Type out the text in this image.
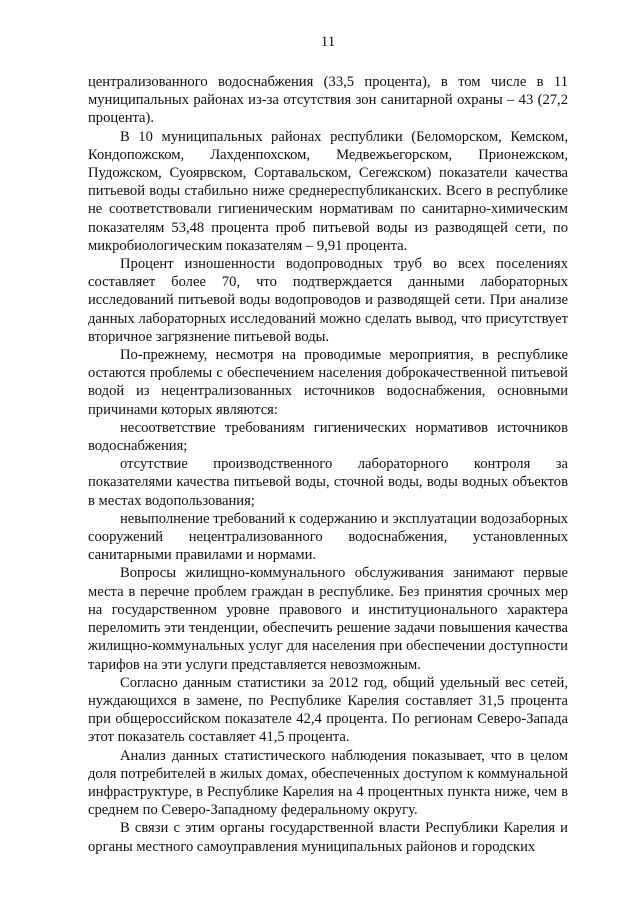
11

централизованного водоснабжения (33,5 процента), в том числе в 11 муниципальных районах из-за отсутствия зон санитарной охраны – 43 (27,2 процента).

В 10 муниципальных районах республики (Беломорском, Кемском, Кондопожском, Лахденпохском, Медвежьегорском, Прионежском, Пудожском, Суоярвском, Сортавальском, Сегежском) показатели качества питьевой воды стабильно ниже среднереспубликанских. Всего в республике не соответствовали гигиеническим нормативам по санитарно-химическим показателям 53,48 процента проб питьевой воды из разводящей сети, по микробиологическим показателям – 9,91 процента.

Процент изношенности водопроводных труб во всех поселениях составляет более 70, что подтверждается данными лабораторных исследований питьевой воды водопроводов и разводящей сети. При анализе данных лабораторных исследований можно сделать вывод, что присутствует вторичное загрязнение питьевой воды.

По-прежнему, несмотря на проводимые мероприятия, в республике остаются проблемы с обеспечением населения доброкачественной питьевой водой из нецентрализованных источников водоснабжения, основными причинами которых являются:

несоответствие требованиям гигиенических нормативов источников водоснабжения;

отсутствие производственного лабораторного контроля за показателями качества питьевой воды, сточной воды, воды водных объектов в местах водопользования;

невыполнение требований к содержанию и эксплуатации водозаборных сооружений нецентрализованного водоснабжения, установленных санитарными правилами и нормами.

Вопросы жилищно-коммунального обслуживания занимают первые места в перечне проблем граждан в республике. Без принятия срочных мер на государственном уровне правового и институционального характера переломить эти тенденции, обеспечить решение задачи повышения качества жилищно-коммунальных услуг для населения при обеспечении доступности тарифов на эти услуги представляется невозможным.

Согласно данным статистики за 2012 год, общий удельный вес сетей, нуждающихся в замене, по Республике Карелия составляет 31,5 процента при общероссийском показателе 42,4 процента. По регионам Северо-Запада этот показатель составляет 41,5 процента.

Анализ данных статистического наблюдения показывает, что в целом доля потребителей в жилых домах, обеспеченных доступом к коммунальной инфраструктуре, в Республике Карелия на 4 процентных пункта ниже, чем в среднем по Северо-Западному федеральному округу.

В связи с этим органы государственной власти Республики Карелия и органы местного самоуправления муниципальных районов и городских
